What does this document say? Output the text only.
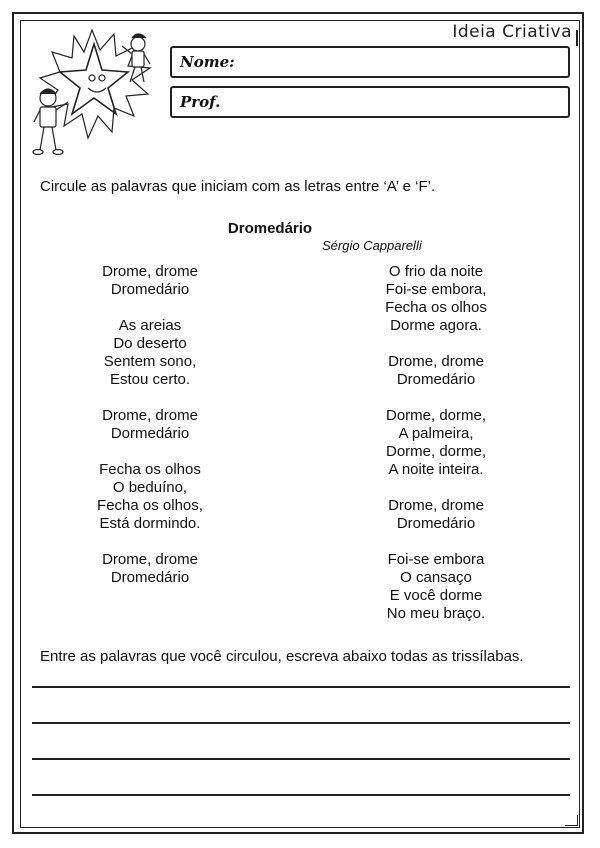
Ideia Criativa
Nome:
Prof.
Circule as palavras que iniciam com as letras entre ‘A’ e ‘F’.
Dromedário
Sérgio Capparelli
Drome, drome
Dromedário
As areias
Do deserto
Sentem sono,
Estou certo.
Drome, drome
Dormedário
Fecha os olhos
O beduíno,
Fecha os olhos,
Está dormindo.
Drome, drome
Dromedário
O frio da noite
Foi-se embora,
Fecha os olhos
Dorme agora.
Drome, drome
Dromedário
Dorme, dorme,
A palmeira,
Dorme, dorme,
A noite inteira.
Drome, drome
Dromedário
Foi-se embora
O cansaço
E você dorme
No meu braço.
Entre as palavras que você circulou, escreva abaixo todas as trissílabas.
